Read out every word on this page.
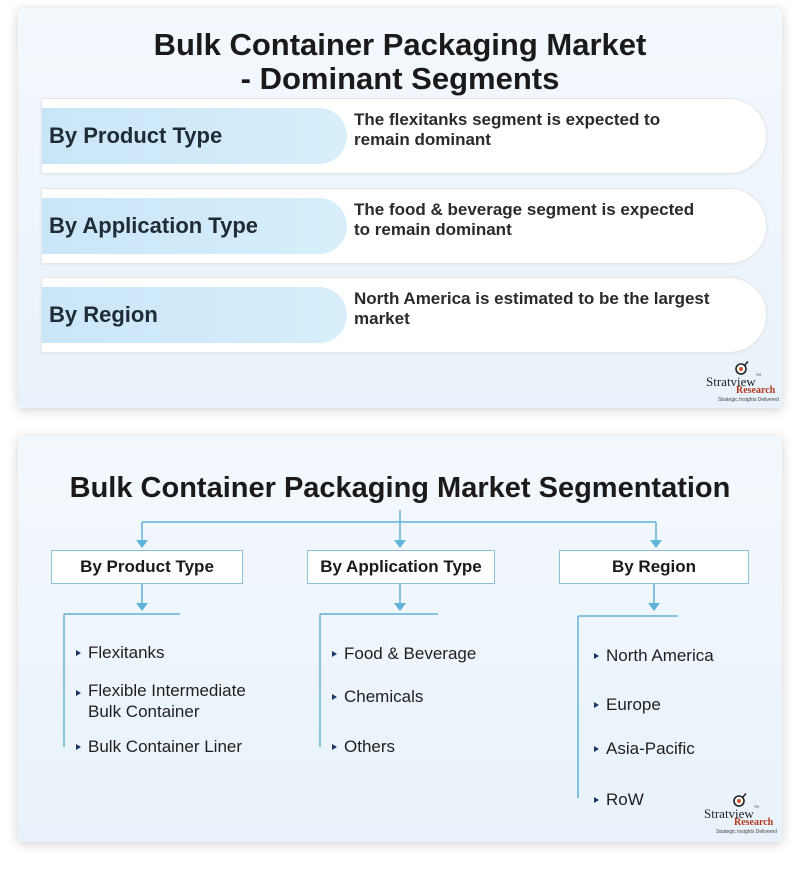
Bulk Container Packaging Market
- Dominant Segments
By Product Type
The flexitanks segment is expected to
remain dominant
By Application Type
The food & beverage segment is expected
to remain dominant
By Region
North America is estimated to be the largest
market
Stratview™
Research
Strategic Insights Delivered
Bulk Container Packaging Market Segmentation
By Product Type	By Application Type	By Region
Flexitanks
Flexible Intermediate
Bulk Container
Bulk Container Liner
Food & Beverage
Chemicals
Others
North America
Europe
Asia-Pacific
RoW
Stratview™
Research
Strategic Insights Delivered
